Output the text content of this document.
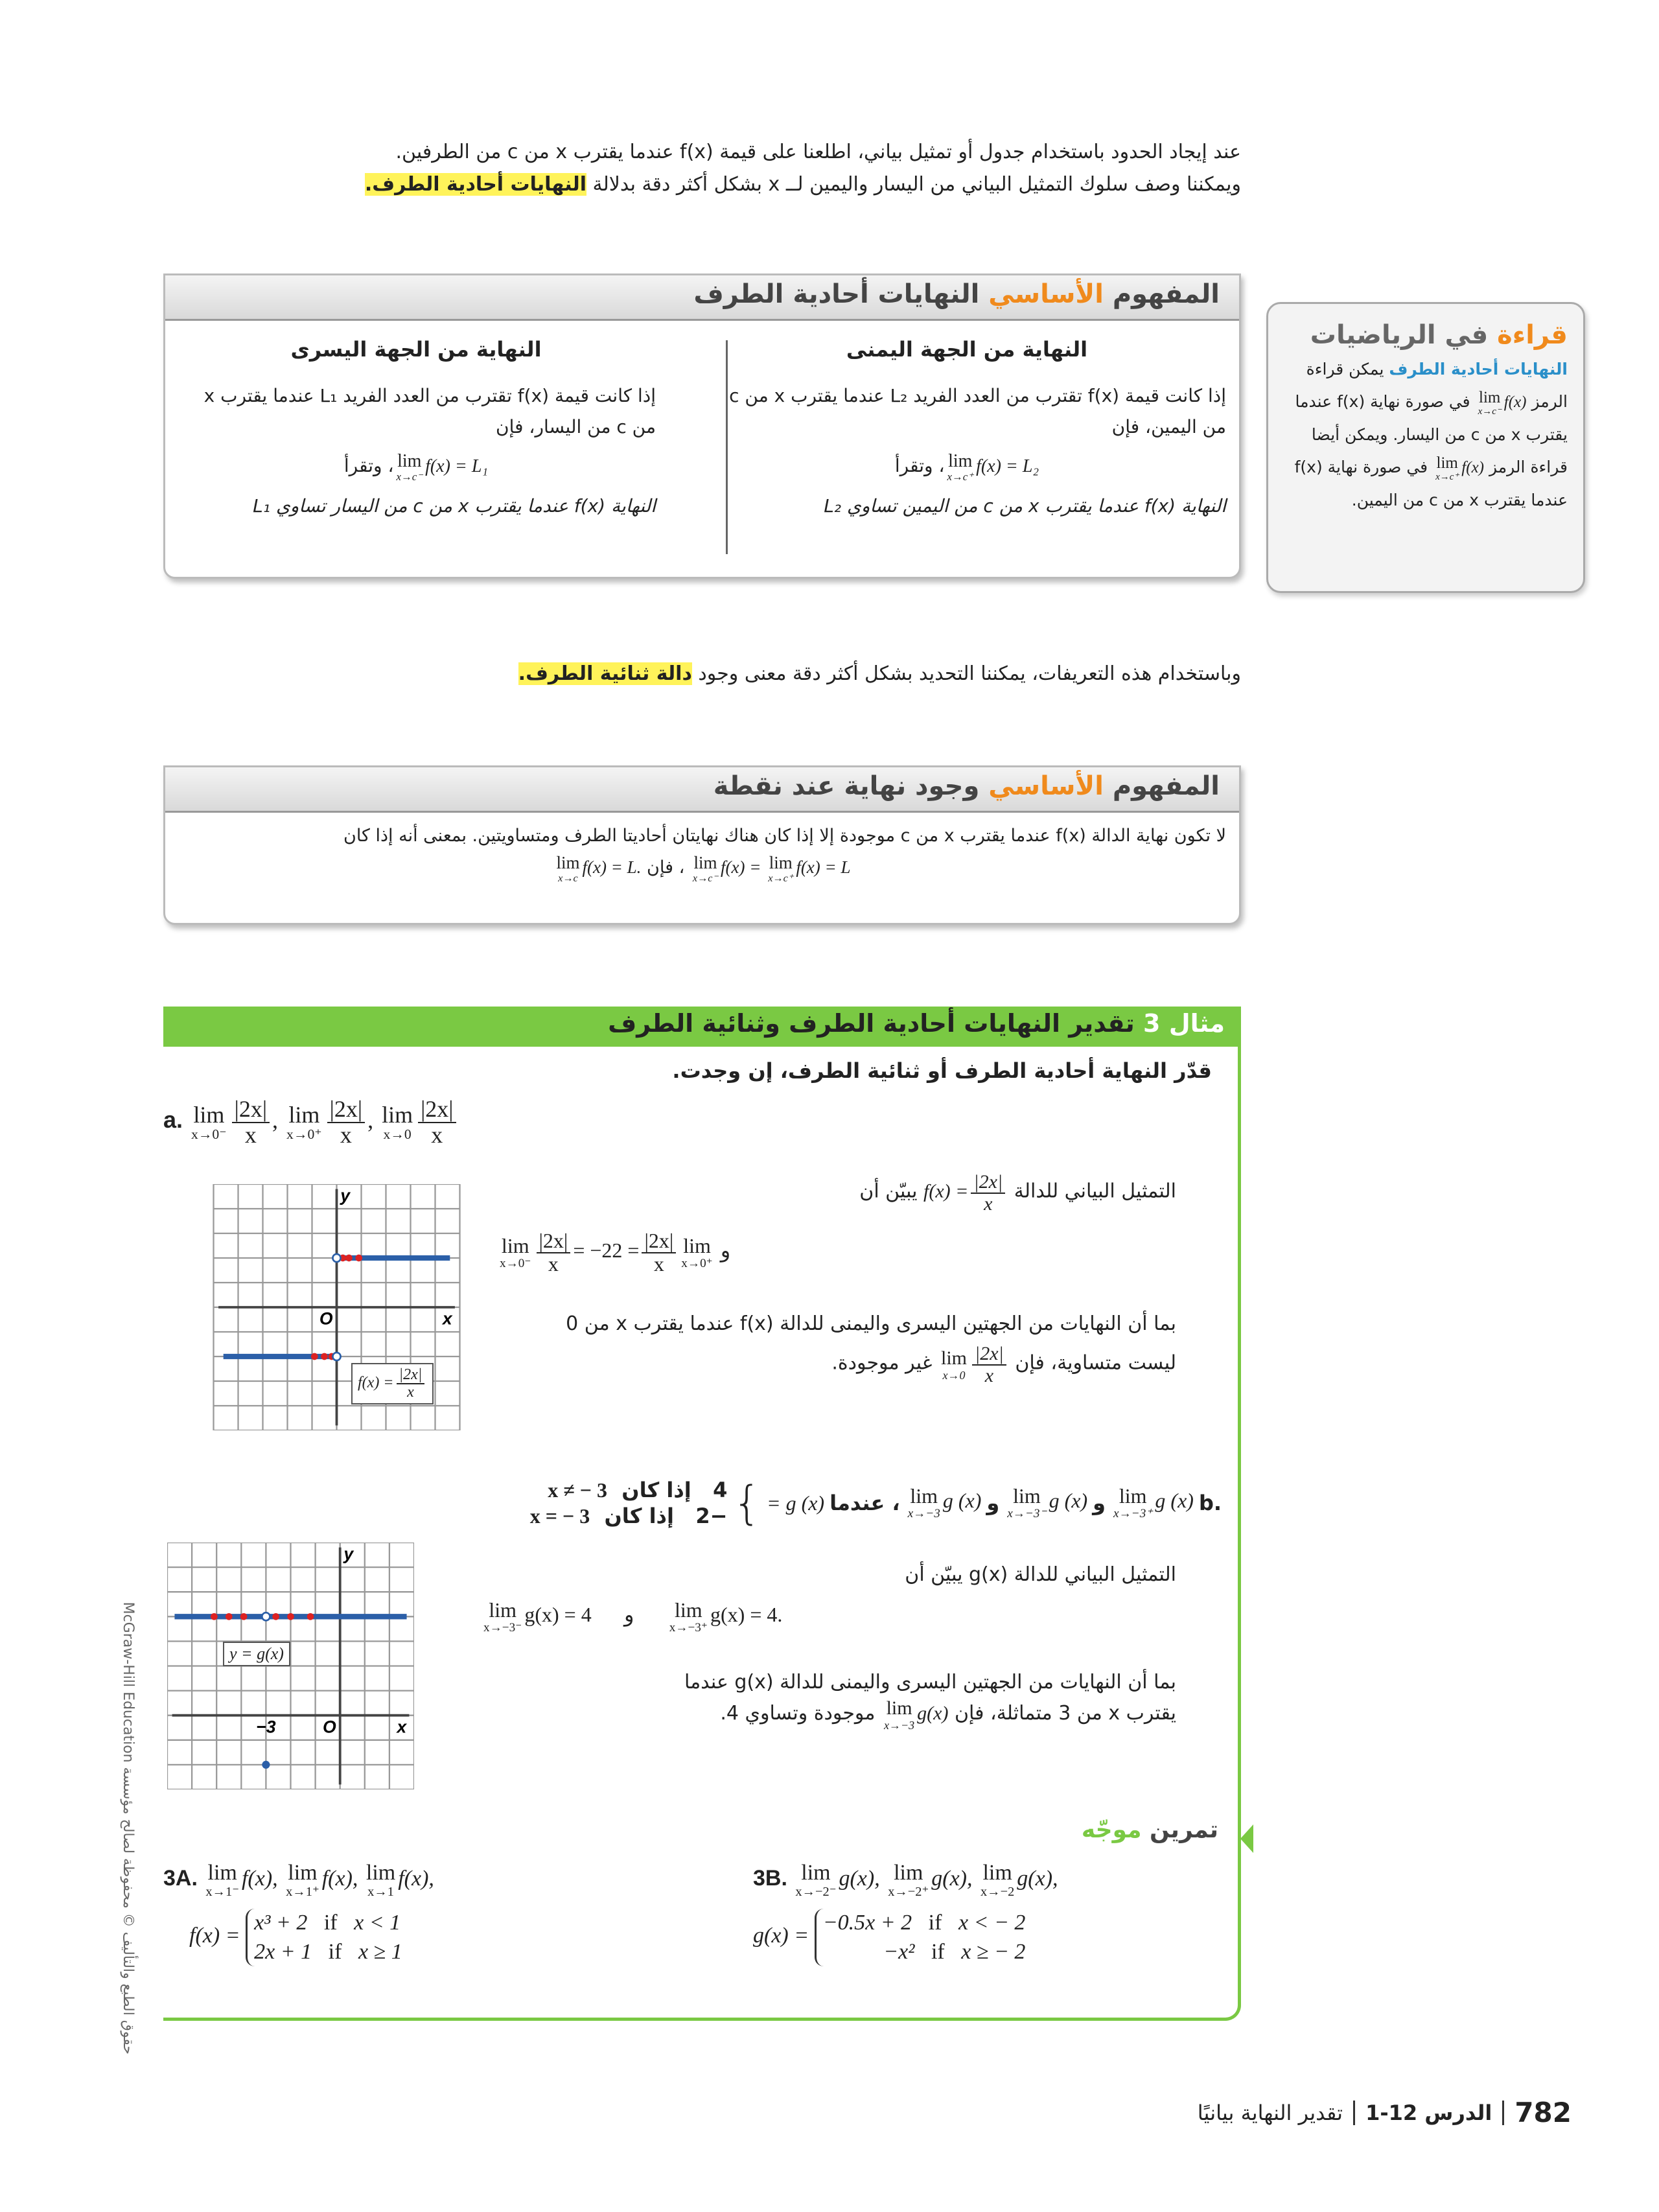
عند إيجاد الحدود باستخدام جدول أو تمثيل بياني، اطلعنا على قيمة f(x) عندما يقترب x من c من الطرفين.
ويمكننا وصف سلوك التمثيل البياني من اليسار واليمين لــ x بشكل أكثر دقة بدلالة النهايات أحادية الطرف.
المفهوم الأساسي النهايات أحادية الطرف
النهاية من الجهة اليمنى
إذا كانت قيمة f(x) تقترب من العدد الفريد L₂ عندما يقترب x من c من اليمين، فإن
lim
x→c⁺
f(x) = L₂، وتقرأ
النهاية f(x) عندما يقترب x من c من اليمين تساوي L₂
النهاية من الجهة اليسرى
إذا كانت قيمة f(x) تقترب من العدد الفريد L₁ عندما يقترب x من c من اليسار، فإن
lim
x→c⁻
f(x) = L₁، وتقرأ
النهاية f(x) عندما يقترب x من c من اليسار تساوي L₁
قراءة في الرياضيات
النهايات أحادية الطرف يمكن قراءة الرمز
lim
x→c⁻
f(x) في صورة نهاية f(x) عندما يقترب x من c من اليسار. ويمكن أيضا قراءة الرمز
lim
x→c⁺
f(x) في صورة نهاية f(x) عندما يقترب x من c من اليمين.
وباستخدام هذه التعريفات، يمكننا التحديد بشكل أكثر دقة معنى وجود دالة ثنائية الطرف.
المفهوم الأساسي وجود نهاية عند نقطة
لا تكون نهاية الدالة f(x) عندما يقترب x من c موجودة إلا إذا كان هناك نهايتان أحاديتا الطرف ومتساويتين. بمعنى أنه إذا كان
lim
x→c⁻
f(x) = lim
x→c⁺
f(x) = L ، فإن
lim
x→c
f(x) = L.
مثال 3 تقدير النهايات أحادية الطرف وثنائية الطرف
قدّر النهاية أحادية الطرف أو ثنائية الطرف، إن وجدت.
a. lim
$x\to 0^- \frac{|2x|}{x}$ , lim
$x\to 0^+ \frac{|2x|}{x}$ , lim
$x\to 0 \frac{|2x|}{x}$
y
x
O
$f(x) = \frac{|2x|}{x}$
التمثيل البياني للدالة $f(x) = \frac{|2x|}{x}$
يبيّن أن
lim
$x\to 0^- \frac{|2x|}{x} = -2$	و
lim
x→0⁺
$\frac{|2x|}{x}$
= 2
بما أن النهايات من الجهتين اليسرى واليمنى للدالة f(x) عندما يقترب x من 0
ليست متساوية، فإن
lim
$x\to 0 \frac{|2x|}{x}$
غير موجودة.
.b
lim
x→−3⁺
g (x)
و
lim
x→−3⁻
g (x)
و
lim
x→−3
g (x)
، عندما
= g (x)
}
4   إذا كان  x ≠ − 3
−2   إذا كان  x = − 3
y
x
O
−3
y = g(x)
التمثيل البياني للدالة g(x) يبيّن أن
lim
x→−3⁻
g(x) = 4 و lim
x→−3⁺
g(x) = 4.
بما أن النهايات من الجهتين اليسرى واليمنى للدالة g(x) عندما
يقترب x من 3 متماثلة، فإن
lim
x→−3
g(x) موجودة وتساوي 4.
تمرين موجّه
3A. lim
x→1⁻
f(x), lim
x→1⁺
f(x), lim
x→1
f(x),
f(x) =
x³ + 2 if x < 1
2x + 1 if x ≥ 1
3B. lim
x→−2⁻
g(x), lim
x→−2⁺
g(x), lim
x→−2
g(x),
g(x) =
−0.5x + 2 if x < − 2
−x² if x ≥ − 2
حقوق الطبع والتأليف © محفوظة لصالح مؤسسة McGraw-Hill Education
782
الدرس 12-1
تقدير النهاية بيانيًا
